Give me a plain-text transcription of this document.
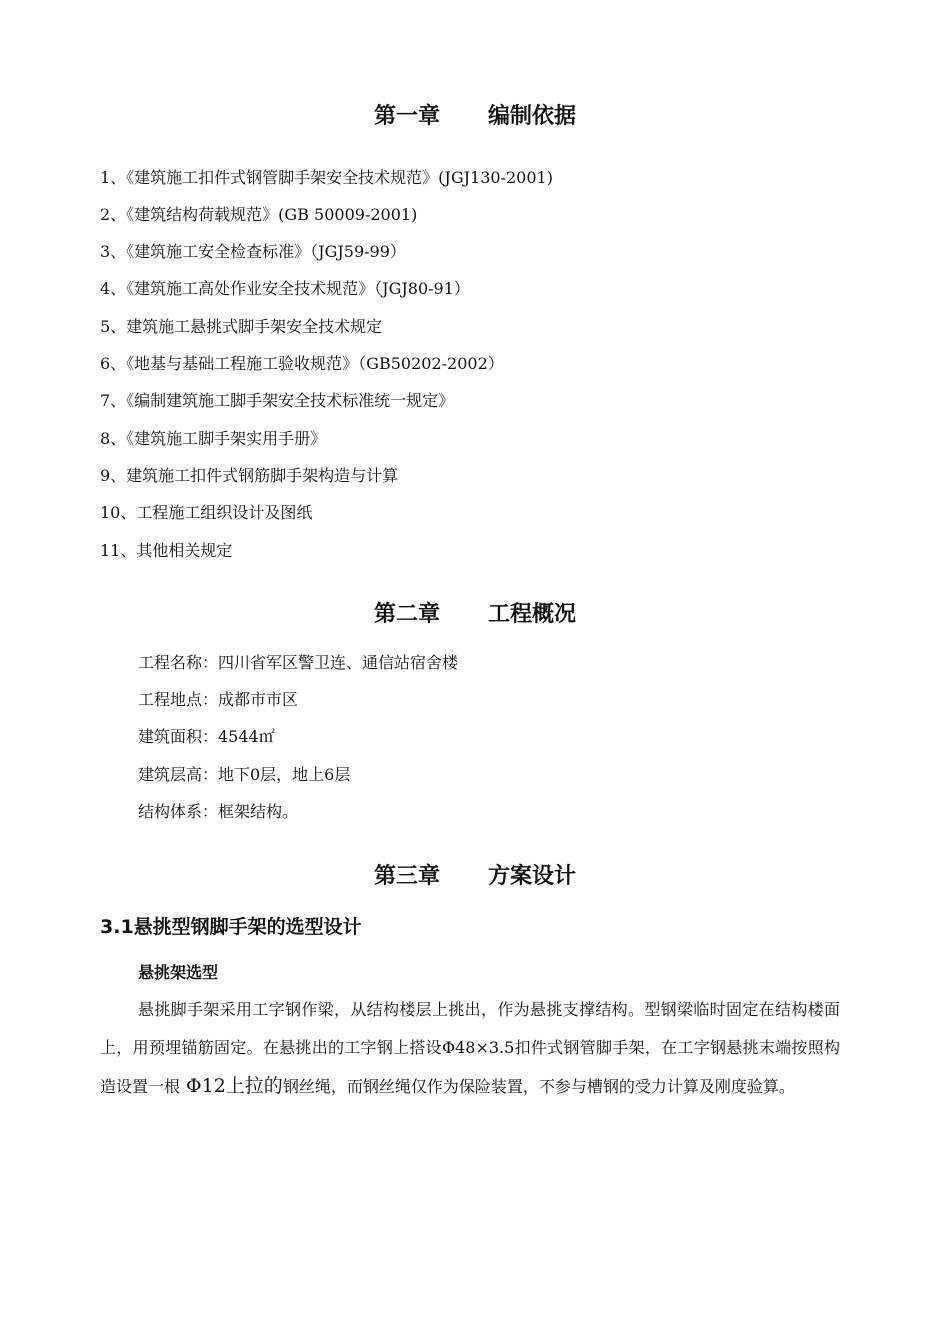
第一章 编制依据
1、《建筑施工扣件式钢管脚手架安全技术规范》(JGJ130-2001)
2、《建筑结构荷载规范》(GB 50009-2001)
3、《建筑施工安全检查标准》（JGJ59-99）
4、《建筑施工高处作业安全技术规范》（JGJ80-91）
5、建筑施工悬挑式脚手架安全技术规定
6、《地基与基础工程施工验收规范》（GB50202-2002）
7、《编制建筑施工脚手架安全技术标准统一规定》
8、《建筑施工脚手架实用手册》
9、建筑施工扣件式钢筋脚手架构造与计算
10、工程施工组织设计及图纸
11、其他相关规定
第二章 工程概况
工程名称：四川省军区警卫连、通信站宿舍楼
工程地点：成都市市区
建筑面积：4544㎡
建筑层高：地下0层，地上6层
结构体系：框架结构。
第三章 方案设计
3.1悬挑型钢脚手架的选型设计
悬挑架选型
悬挑脚手架采用工字钢作梁，从结构楼层上挑出，作为悬挑支撑结构。型钢梁临时固定在结构楼面上，用预埋锚筋固定。在悬挑出的工字钢上搭设Φ48×3.5扣件式钢管脚手架，在工字钢悬挑末端按照构造设置一根 Φ12上拉的钢丝绳，而钢丝绳仅作为保险装置，不参与槽钢的受力计算及刚度验算。
